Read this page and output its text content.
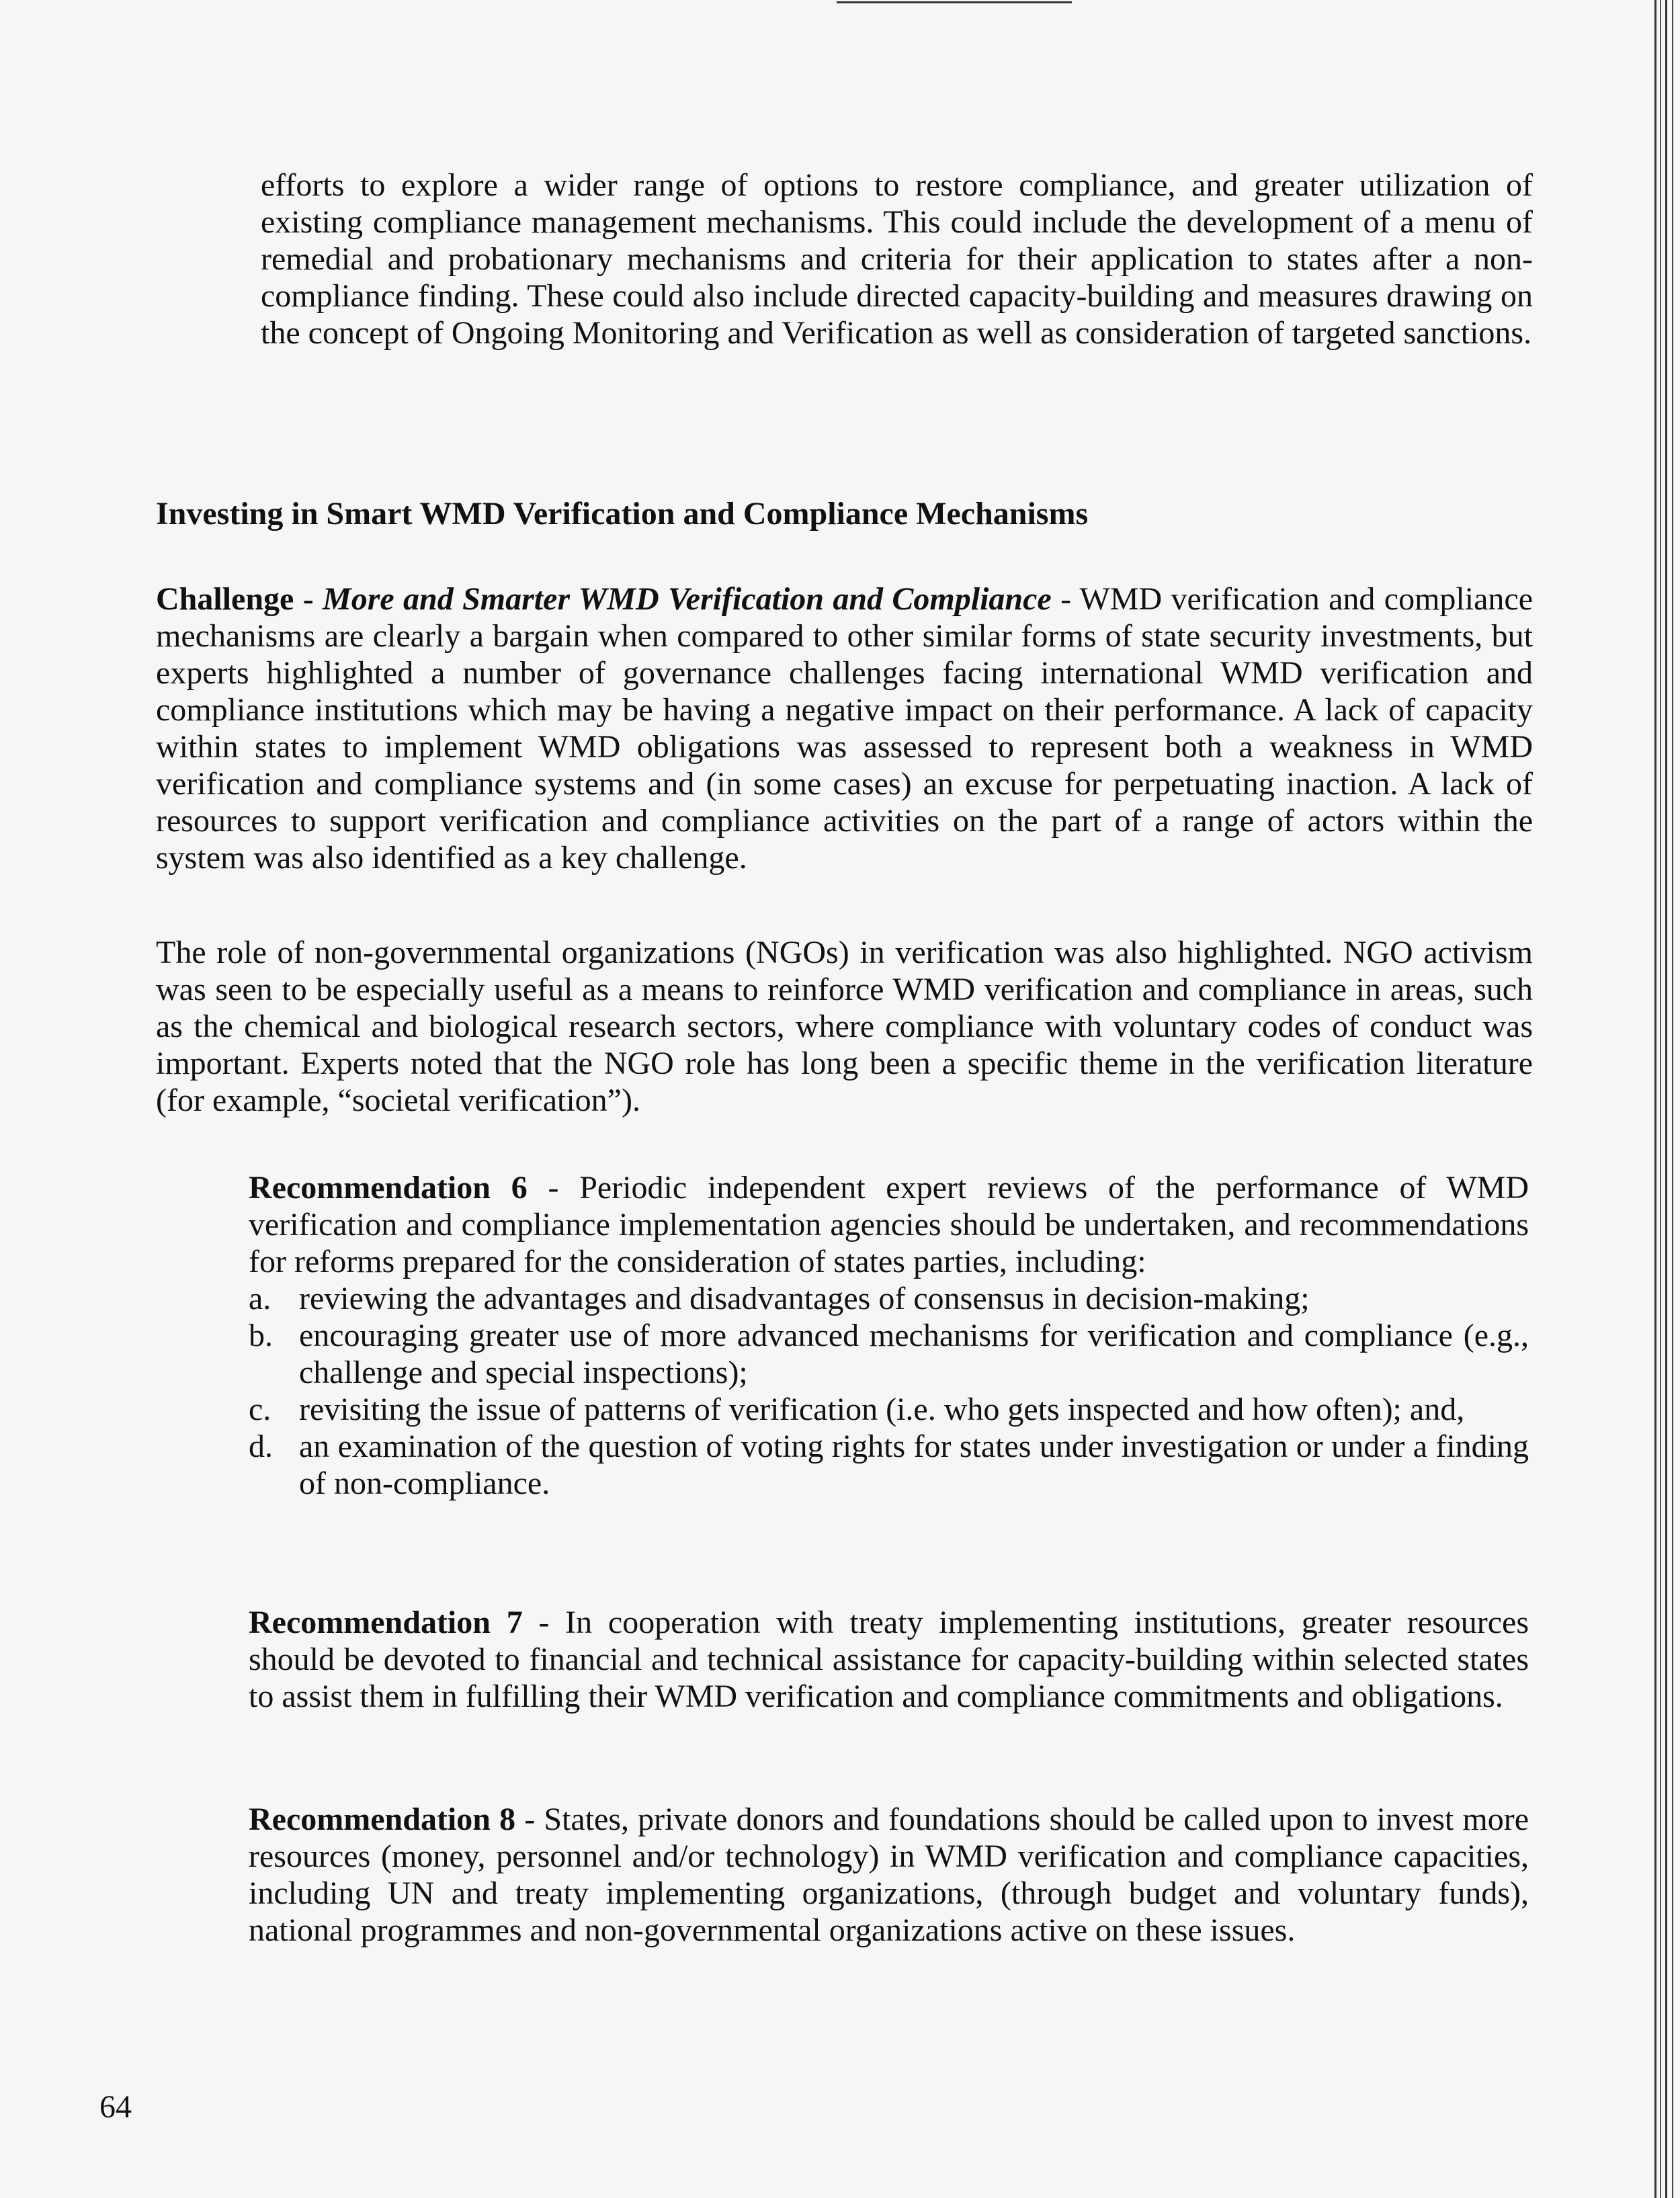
efforts to explore a wider range of options to restore compliance, and greater utilization of existing compliance management mechanisms. This could include the development of a menu of remedial and probationary mechanisms and criteria for their application to states after a non-compliance finding. These could also include directed capacity-building and measures drawing on the concept of Ongoing Monitoring and Verification as well as consideration of targeted sanctions.

Investing in Smart WMD Verification and Compliance Mechanisms

Challenge - More and Smarter WMD Verification and Compliance - WMD verification and compliance mechanisms are clearly a bargain when compared to other similar forms of state security investments, but experts highlighted a number of governance challenges facing international WMD verification and compliance institutions which may be having a negative impact on their performance. A lack of capacity within states to implement WMD obligations was assessed to represent both a weakness in WMD verification and compliance systems and (in some cases) an excuse for perpetuating inaction. A lack of resources to support verification and compliance activities on the part of a range of actors within the system was also identified as a key challenge.

The role of non-governmental organizations (NGOs) in verification was also highlighted. NGO activism was seen to be especially useful as a means to reinforce WMD verification and compliance in areas, such as the chemical and biological research sectors, where compliance with voluntary codes of conduct was important. Experts noted that the NGO role has long been a specific theme in the verification literature (for example, “societal verification”).

Recommendation 6 - Periodic independent expert reviews of the performance of WMD verification and compliance implementation agencies should be undertaken, and recommendations for reforms prepared for the consideration of states parties, including:

a. reviewing the advantages and disadvantages of consensus in decision-making;
b. encouraging greater use of more advanced mechanisms for verification and compliance (e.g., challenge and special inspections);
c. revisiting the issue of patterns of verification (i.e. who gets inspected and how often); and,
d. an examination of the question of voting rights for states under investigation or under a finding of non-compliance.

Recommendation 7 - In cooperation with treaty implementing institutions, greater resources should be devoted to financial and technical assistance for capacity-building within selected states to assist them in fulfilling their WMD verification and compliance commitments and obligations.

Recommendation 8 - States, private donors and foundations should be called upon to invest more resources (money, personnel and/or technology) in WMD verification and compliance capacities, including UN and treaty implementing organizations, (through budget and voluntary funds), national programmes and non-governmental organizations active on these issues.

64
